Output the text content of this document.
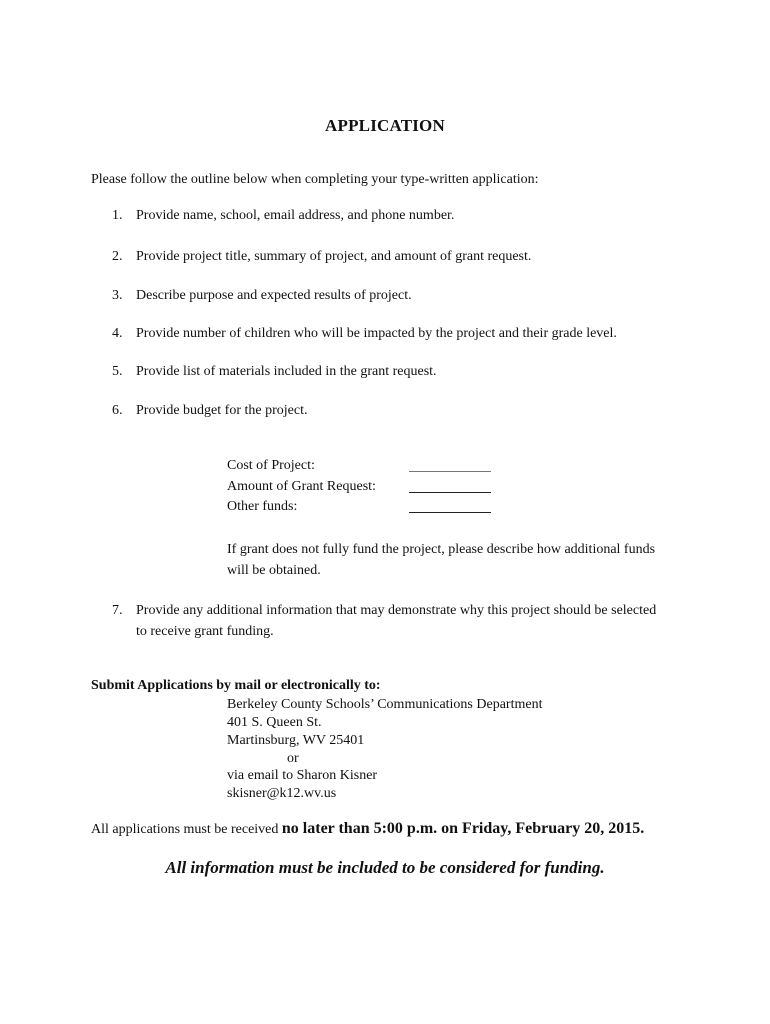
APPLICATION
Please follow the outline below when completing your type-written application:
1. Provide name, school, email address, and phone number.
2. Provide project title, summary of project, and amount of grant request.
3. Describe purpose and expected results of project.
4. Provide number of children who will be impacted by the project and their grade level.
5. Provide list of materials included in the grant request.
6. Provide budget for the project.
Cost of Project:
Amount of Grant Request:
Other funds:
If grant does not fully fund the project, please describe how additional funds will be obtained.
7. Provide any additional information that may demonstrate why this project should be selected to receive grant funding.
Submit Applications by mail or electronically to:
Berkeley County Schools’ Communications Department
401 S. Queen St.
Martinsburg, WV 25401
or
via email to Sharon Kisner
skisner@k12.wv.us
All applications must be received no later than 5:00 p.m. on Friday, February 20, 2015.
All information must be included to be considered for funding.
